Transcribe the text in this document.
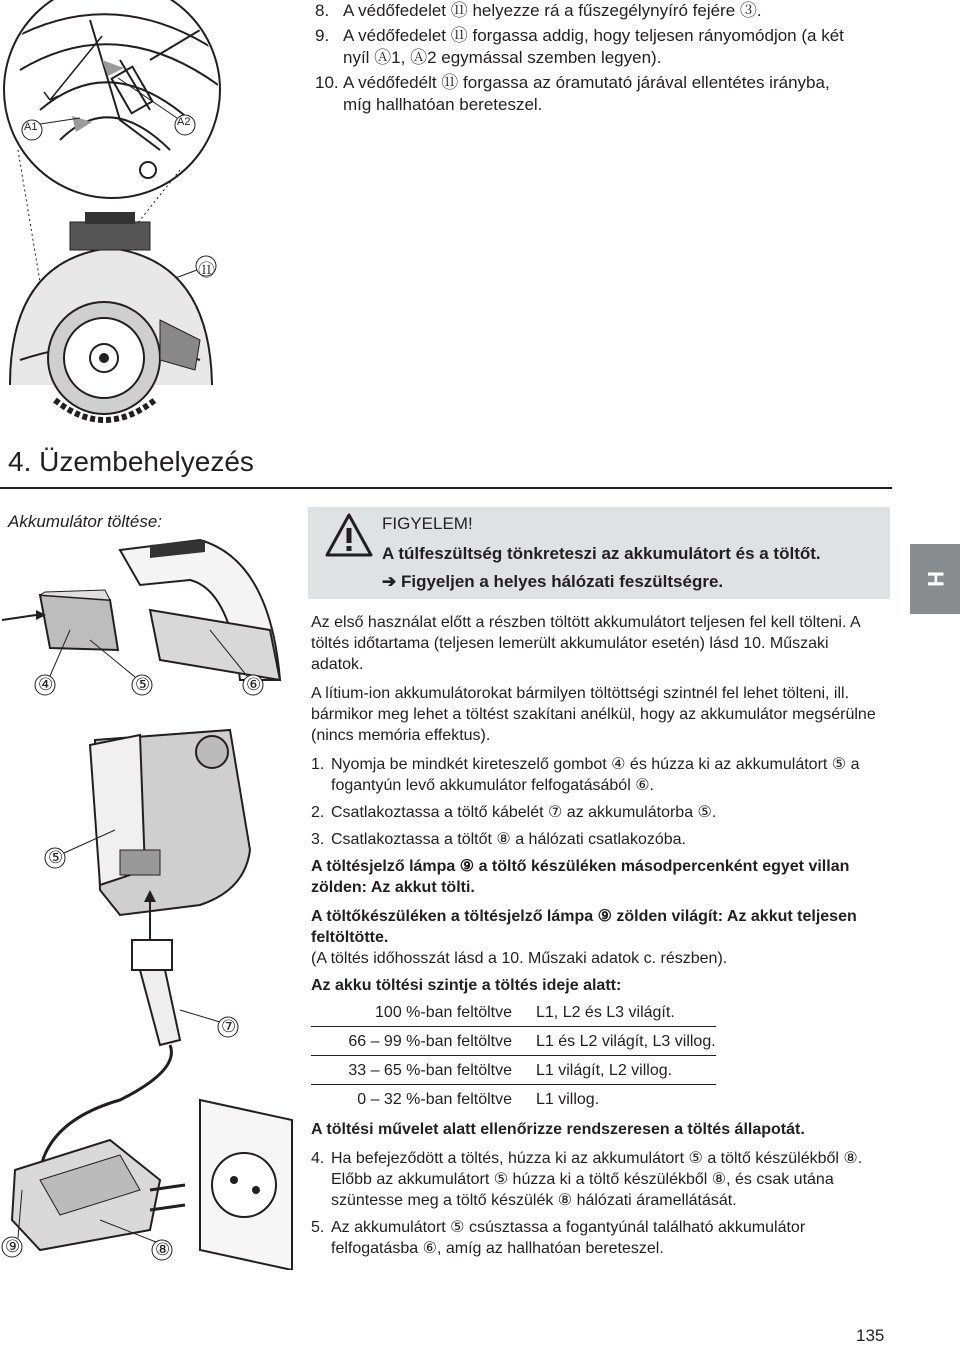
A1	A2
⑪
8. A védőfedelet ⑪ helyezze rá a fűszegélynyíró fejére ③.
9. A védőfedelet ⑪ forgassa addig, hogy teljesen rányomódjon (a két nyíl Ⓐ1, Ⓐ2 egymással szemben legyen).
10. A védőfedélt ⑪ forgassa az óramutató járával ellentétes irányba, míg hallhatóan bereteszel.
4. Üzembehelyezés
Akkumulátor töltése:	FIGYELEM!
A túlfeszültség tönkreteszi az akkumulátort és a töltőt.
➔ Figyeljen a helyes hálózati feszültségre.	H
④	⑤	⑥
⑤
⑦
⑨	⑧

Az első használat előtt a részben töltött akkumulátort teljesen fel kell tölteni. A töltés időtartama (teljesen lemerült akkumulátor esetén) lásd 10. Műszaki adatok.

A lítium-ion akkumulátorokat bármilyen töltöttségi szintnél fel lehet tölteni, ill. bármikor meg lehet a töltést szakítani anélkül, hogy az akkumulátor megsérülne (nincs memória effektus).

1. Nyomja be mindkét kireteszelő gombot ④ és húzza ki az akkumulátort ⑤ a fogantyún levő akkumulátor felfogatásából ⑥.
2. Csatlakoztassa a töltő kábelét ⑦ az akkumulátorba ⑤.
3. Csatlakoztassa a töltőt ⑧ a hálózati csatlakozóba.

A töltésjelző lámpa ⑨ a töltő készüléken másodpercenként egyet villan zölden: Az akkut tölti.

A töltőkészüléken a töltésjelző lámpa ⑨ zölden világít: Az akkut teljesen feltöltötte.
(A töltés időhosszát lásd a 10. Műszaki adatok c. részben).

Az akku töltési szintje a töltés ideje alatt:

100 %-ban feltöltve	L1, L2 és L3 világít.
66 – 99 %-ban feltöltve	L1 és L2 világít, L3 villog.
33 – 65 %-ban feltöltve	L1 világít, L2 villog.
0 – 32 %-ban feltöltve	L1 villog.

A töltési művelet alatt ellenőrizze rendszeresen a töltés állapotát.

4. Ha befejeződött a töltés, húzza ki az akkumulátort ⑤ a töltő készülékből ⑧. Előbb az akkumulátort ⑤ húzza ki a töltő készülékből ⑧, és csak utána szüntesse meg a töltő készülék ⑧ hálózati áramellátását.
5. Az akkumulátort ⑤ csúsztassa a fogantyúnál található akkumulátor felfogatásba ⑥, amíg az hallhatóan bereteszel.
135
